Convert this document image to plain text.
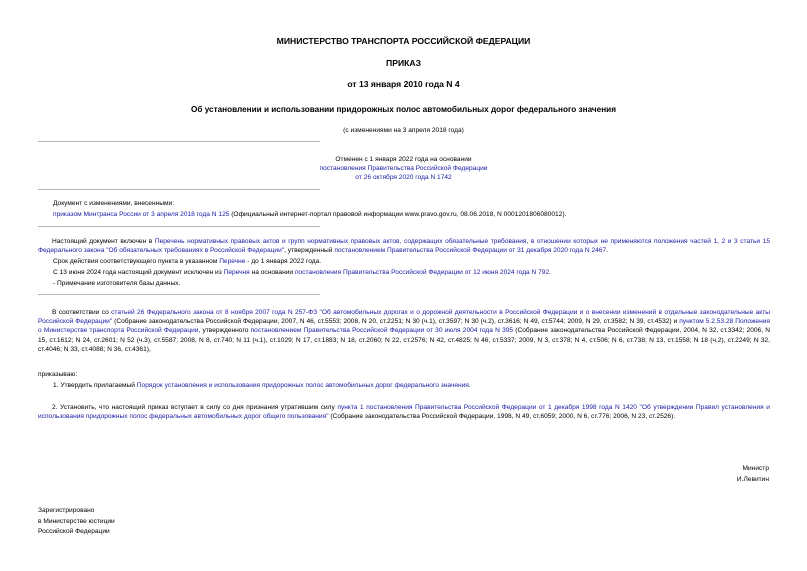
МИНИСТЕРСТВО ТРАНСПОРТА РОССИЙСКОЙ ФЕДЕРАЦИИ
ПРИКАЗ
от 13 января 2010 года N 4
Об установлении и использовании придорожных полос автомобильных дорог федерального значения
(с изменениями на 3 апреля 2018 года)
Отменен с 1 января 2022 года на основании
постановления Правительства Российской Федерации
от 26 октября 2020 года N 1742
Документ с изменениями, внесенными:
приказом Минтранса России от 3 апреля 2018 года N 125 (Официальный интернет-портал правовой информации www.pravo.gov.ru, 08.06.2018, N 0001201806080012).
Настоящий документ включен в Перечень нормативных правовых актов и групп нормативных правовых актов, содержащих обязательные требования, в отношении которых не применяются положения частей 1, 2 и 3 статьи 15 Федерального закона "Об обязательных требованиях в Российской Федерации", утвержденный постановлением Правительства Российской Федерации от 31 декабря 2020 года N 2467.
Срок действия соответствующего пункта в указанном Перечне - до 1 января 2022 года.
С 13 июня 2024 года настоящий документ исключен из Перечня на основании постановления Правительства Российской Федерации от 12 июня 2024 года N 792.
- Примечание изготовителя базы данных.
В соответствии со статьей 26 Федерального закона от 8 ноября 2007 года N 257-ФЗ "Об автомобильных дорогах и о дорожной деятельности в Российской Федерации и о внесении изменений в отдельные законодательные акты Российской Федерации" (Собрание законодательства Российской Федерации, 2007, N 46, ст.5553; 2008, N 20, ст.2251; N 30 (ч.1), ст.3597; N 30 (ч.2), ст.3616; N 49, ст.5744; 2009, N 29, ст.3582; N 39, ст.4532) и пунктом 5.2.53.28 Положения о Министерстве транспорта Российской Федерации, утвержденного постановлением Правительства Российской Федерации от 30 июля 2004 года N 395 (Собрание законодательства Российской Федерации, 2004, N 32, ст.3342; 2006, N 15, ст.1612; N 24, ст.2601; N 52 (ч.3), ст.5587; 2008, N 8, ст.740; N 11 (ч.1), ст.1029; N 17, ст.1883; N 18, ст.2060; N 22, ст.2576; N 42, ст.4825; N 46, ст.5337; 2009, N 3, ст.378; N 4, ст.506; N 6, ст.738; N 13, ст.1558; N 18 (ч.2), ст.2249; N 32, ст.4046; N 33, ст.4088; N 36, ст.4361),
приказываю:
1. Утвердить прилагаемый Порядок установления и использования придорожных полос автомобильных дорог федерального значения.
2. Установить, что настоящий приказ вступает в силу со дня признания утратившим силу пункта 1 постановления Правительства Российской Федерации от 1 декабря 1998 года N 1420 "Об утверждении Правил установления и использования придорожных полос федеральных автомобильных дорог общего пользования" (Собрание законодательства Российской Федерации, 1998, N 49, ст.6059; 2000, N 6, ст.776; 2006, N 23, ст.2526).
Министр
И.Левитин
Зарегистрировано
в Министерстве юстиции
Российской Федерации
